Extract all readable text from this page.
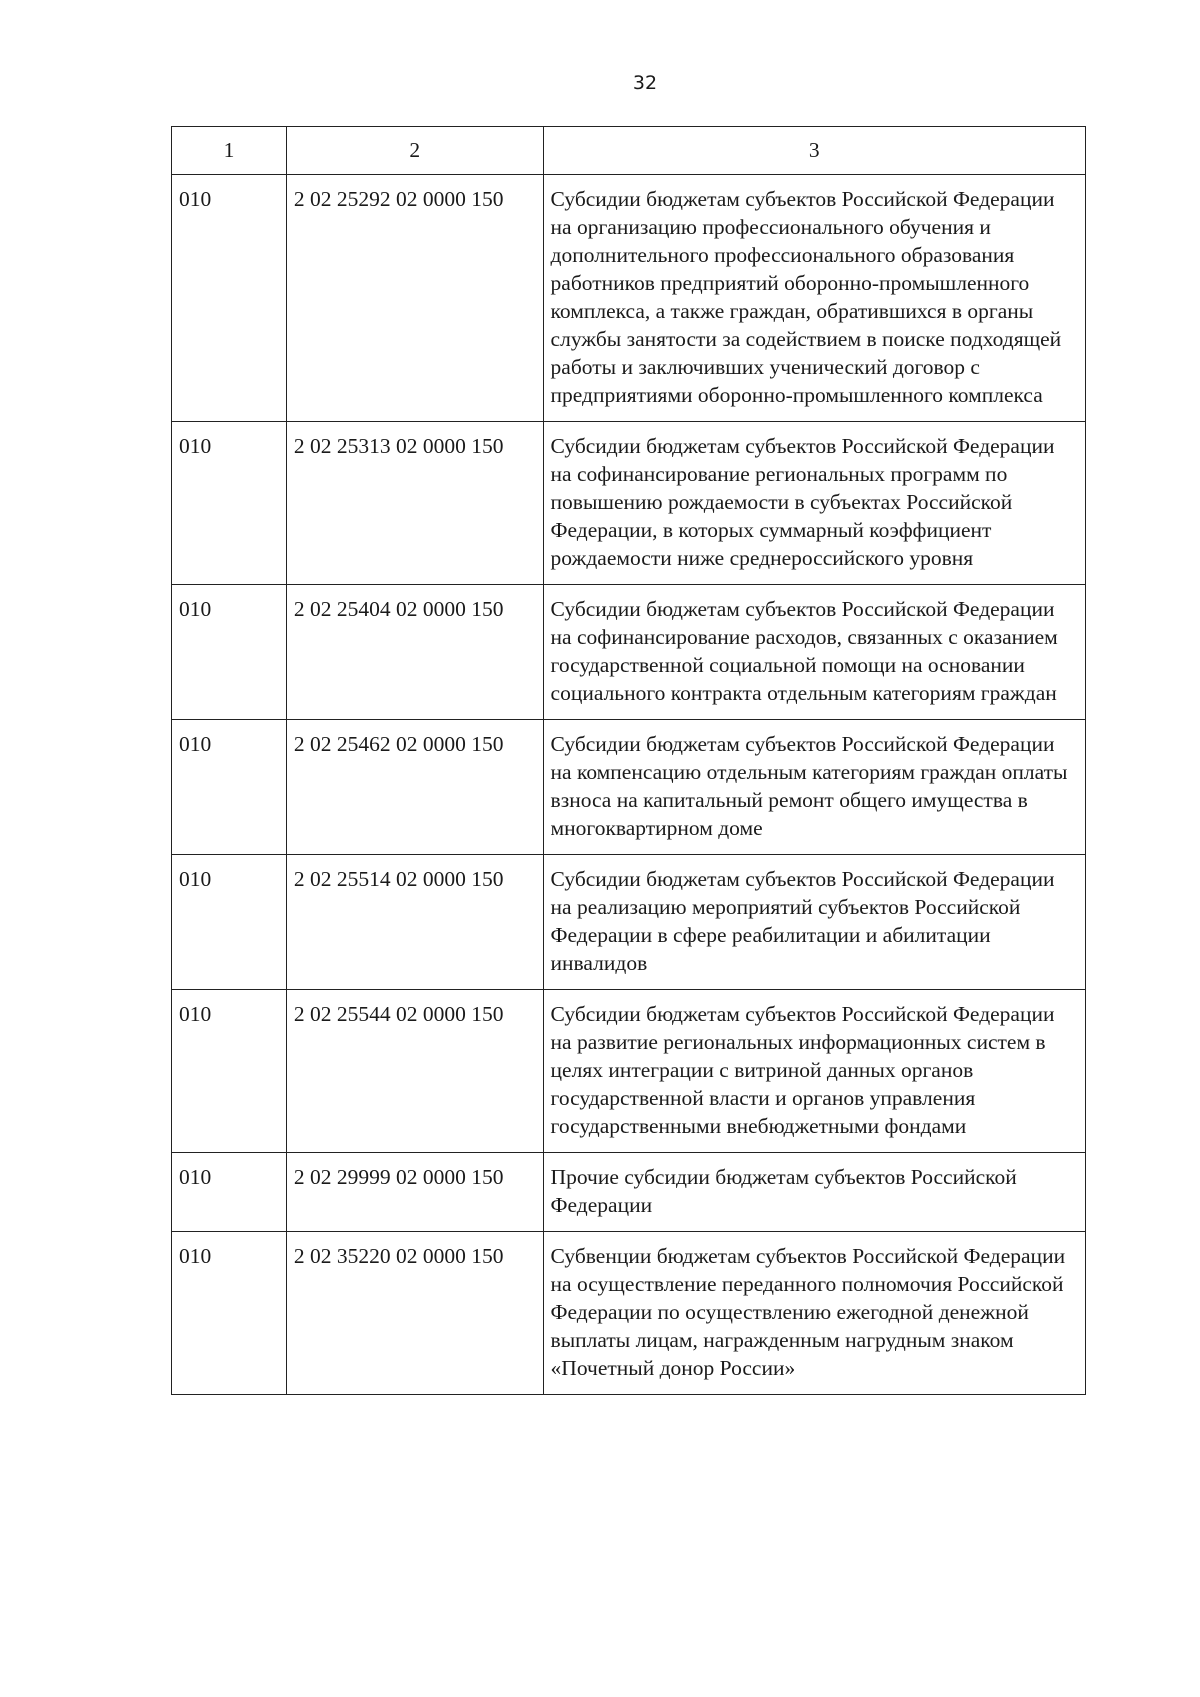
32
1	2	3
010	2 02 25292 02 0000 150	Субсидии бюджетам субъектов Российской Федерации на организацию профессионального обучения и дополнительного профессионального образования работников предприятий оборонно-промышленного комплекса, а также граждан, обратившихся в органы службы занятости за содействием в поиске подходящей работы и заключивших ученический договор с предприятиями оборонно-промышленного комплекса
010	2 02 25313 02 0000 150	Субсидии бюджетам субъектов Российской Федерации на софинансирование региональных программ по повышению рождаемости в субъектах Российской Федерации, в которых суммарный коэффициент рождаемости ниже среднероссийского уровня
010	2 02 25404 02 0000 150	Субсидии бюджетам субъектов Российской Федерации на софинансирование расходов, связанных с оказанием государственной социальной помощи на основании социального контракта отдельным категориям граждан
010	2 02 25462 02 0000 150	Субсидии бюджетам субъектов Российской Федерации на компенсацию отдельным категориям граждан оплаты взноса на капитальный ремонт общего имущества в многоквартирном доме
010	2 02 25514 02 0000 150	Субсидии бюджетам субъектов Российской Федерации на реализацию мероприятий субъектов Российской Федерации в сфере реабилитации и абилитации инвалидов
010	2 02 25544 02 0000 150	Субсидии бюджетам субъектов Российской Федерации на развитие региональных информационных систем в целях интеграции с витриной данных органов государственной власти и органов управления государственными внебюджетными фондами
010	2 02 29999 02 0000 150	Прочие субсидии бюджетам субъектов Российской Федерации
010	2 02 35220 02 0000 150	Субвенции бюджетам субъектов Российской Федерации на осуществление переданного полномочия Российской Федерации по осуществлению ежегодной денежной выплаты лицам, награжденным нагрудным знаком «Почетный донор России»
